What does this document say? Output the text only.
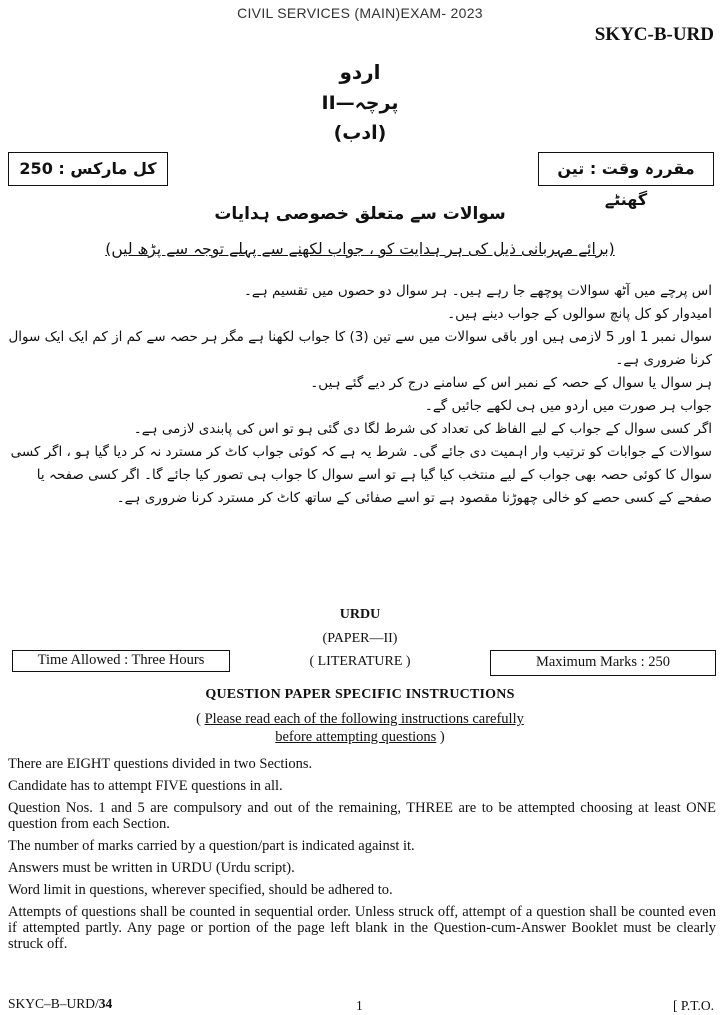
CIVIL SERVICES (MAIN)EXAM- 2023
SKYC-B-URD
اردو
پرچہ—II
(ادب)
کل مارکس : 250	مقررہ وقت : تین گھنٹے
سوالات سے متعلق خصوصی ہدایات
(برائے مہربانی ذیل کی ہر ہدایت کو ، جواب لکھنے سے پہلے توجہ سے پڑھ لیں)

اس پرچے میں آٹھ سوالات پوچھے جا رہے ہیں۔ ہر سوال دو حصوں میں تقسیم ہے۔

امیدوار کو کل پانچ سوالوں کے جواب دینے ہیں۔

سوال نمبر 1 اور 5 لازمی ہیں اور باقی سوالات میں سے تین (3) کا جواب لکھنا ہے مگر ہر حصہ سے کم از کم ایک ایک سوال کرنا ضروری ہے۔

ہر سوال یا سوال کے حصہ کے نمبر اس کے سامنے درج کر دیے گئے ہیں۔

جواب ہر صورت میں اردو میں ہی لکھے جائیں گے۔

اگر کسی سوال کے جواب کے لیے الفاظ کی تعداد کی شرط لگا دی گئی ہو تو اس کی پابندی لازمی ہے۔

سوالات کے جوابات کو ترتیب وار اہمیت دی جائے گی۔ شرط یہ ہے کہ کوئی جواب کاٹ کر مسترد نہ کر دیا گیا ہو ، اگر کسی سوال کا کوئی حصہ بھی جواب کے لیے منتخب کیا گیا ہے تو اسے سوال کا جواب ہی تصور کیا جائے گا۔ اگر کسی صفحہ یا صفحے کے کسی حصے کو خالی چھوڑنا مقصود ہے تو اسے صفائی کے ساتھ کاٹ کر مسترد کرنا ضروری ہے۔

URDU
(PAPER—II)
( LITERATURE )
Time Allowed : Three Hours	Maximum Marks : 250
QUESTION PAPER SPECIFIC INSTRUCTIONS
( Please read each of the following instructions carefully
before attempting questions )

There are EIGHT questions divided in two Sections.

Candidate has to attempt FIVE questions in all.

Question Nos. 1 and 5 are compulsory and out of the remaining, THREE are to be attempted choosing at least ONE question from each Section.

The number of marks carried by a question/part is indicated against it.

Answers must be written in URDU (Urdu script).

Word limit in questions, wherever specified, should be adhered to.

Attempts of questions shall be counted in sequential order. Unless struck off, attempt of a question shall be counted even if attempted partly. Any page or portion of the page left blank in the Question-cum-Answer Booklet must be clearly struck off.

SKYC–B–URD/34	1	[ P.T.O.
